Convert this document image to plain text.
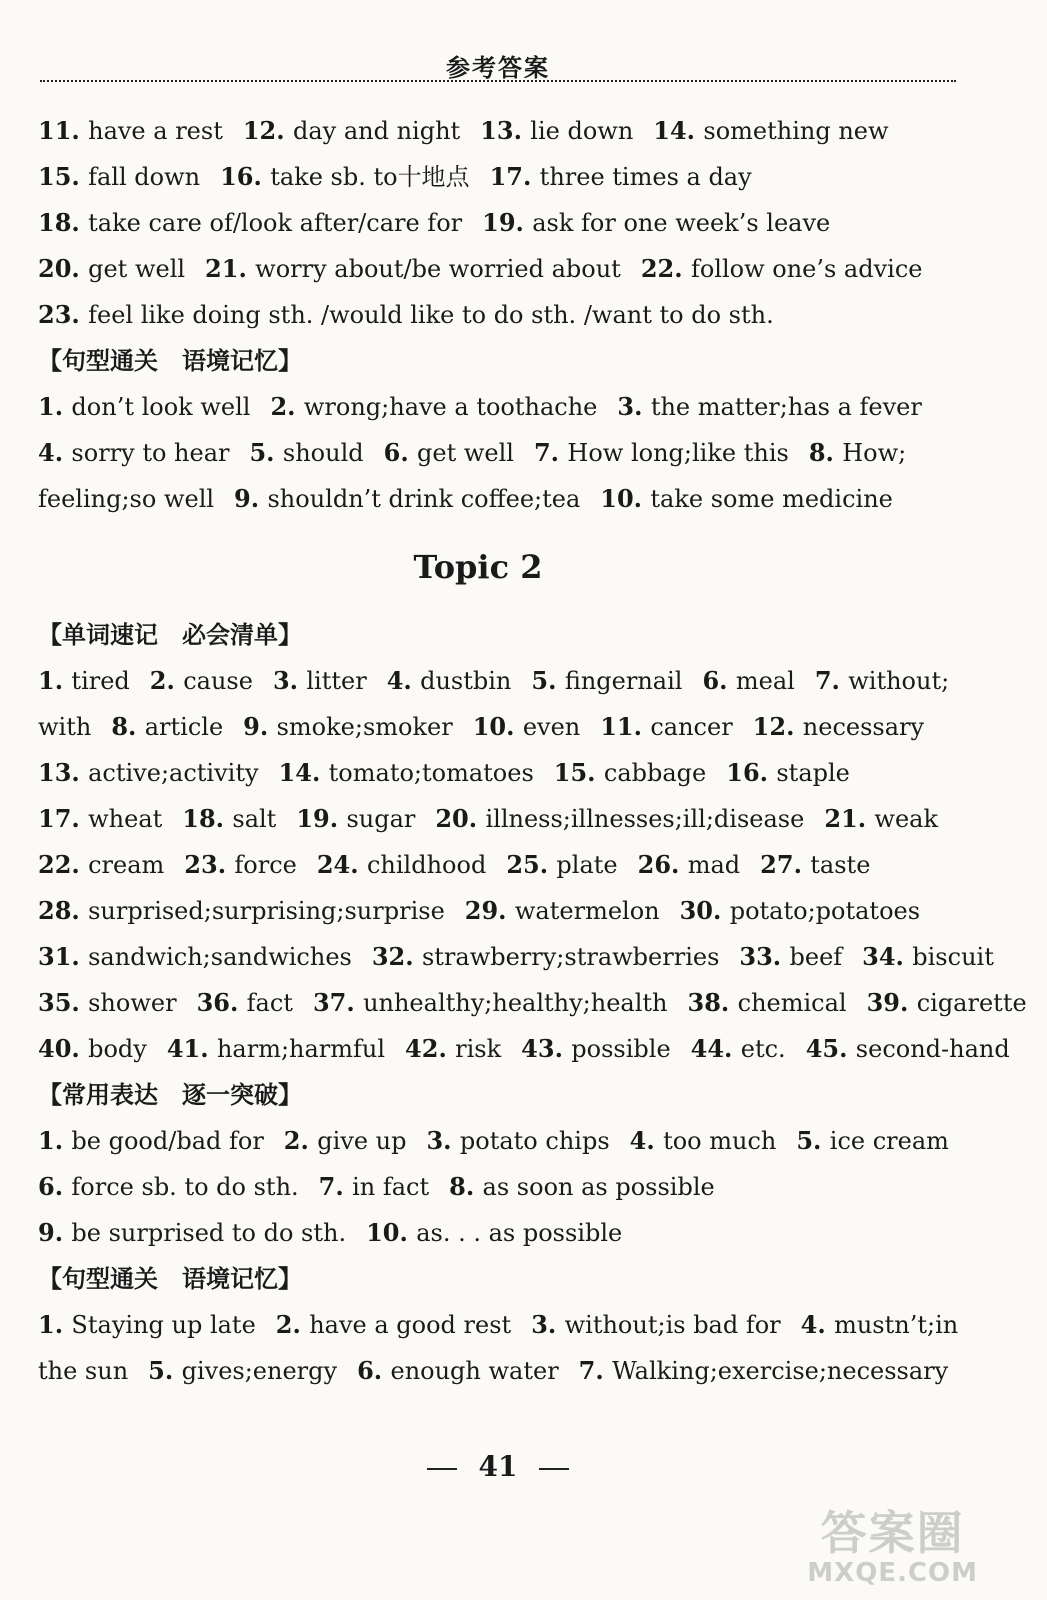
参考答案
11. have a rest 12. day and night 13. lie down 14. something new
15. fall down 16. take sb. to十地点 17. three times a day
18. take care of/look after/care for 19. ask for one week’s leave
20. get well 21. worry about/be worried about 22. follow one’s advice
23. feel like doing sth. /would like to do sth. /want to do sth.
【句型通关　语境记忆】
1. don’t look well 2. wrong;have a toothache 3. the matter;has a fever
4. sorry to hear 5. should 6. get well 7. How long;like this 8. How;
feeling;so well 9. shouldn’t drink coffee;tea 10. take some medicine
Topic 2
【单词速记　必会清单】
1. tired 2. cause 3. litter 4. dustbin 5. fingernail 6. meal 7. without;
with 8. article 9. smoke;smoker 10. even 11. cancer 12. necessary
13. active;activity 14. tomato;tomatoes 15. cabbage 16. staple
17. wheat 18. salt 19. sugar 20. illness;illnesses;ill;disease 21. weak
22. cream 23. force 24. childhood 25. plate 26. mad 27. taste
28. surprised;surprising;surprise 29. watermelon 30. potato;potatoes
31. sandwich;sandwiches 32. strawberry;strawberries 33. beef 34. biscuit
35. shower 36. fact 37. unhealthy;healthy;health 38. chemical 39. cigarette
40. body 41. harm;harmful 42. risk 43. possible 44. etc. 45. second-hand
【常用表达　逐一突破】
1. be good/bad for 2. give up 3. potato chips 4. too much 5. ice cream
6. force sb. to do sth. 7. in fact 8. as soon as possible
9. be surprised to do sth. 10. as. . . as possible
【句型通关　语境记忆】
1. Staying up late 2. have a good rest 3. without;is bad for 4. mustn’t;in
the sun 5. gives;energy 6. enough water 7. Walking;exercise;necessary
41
答案圈
MXQE.COM
